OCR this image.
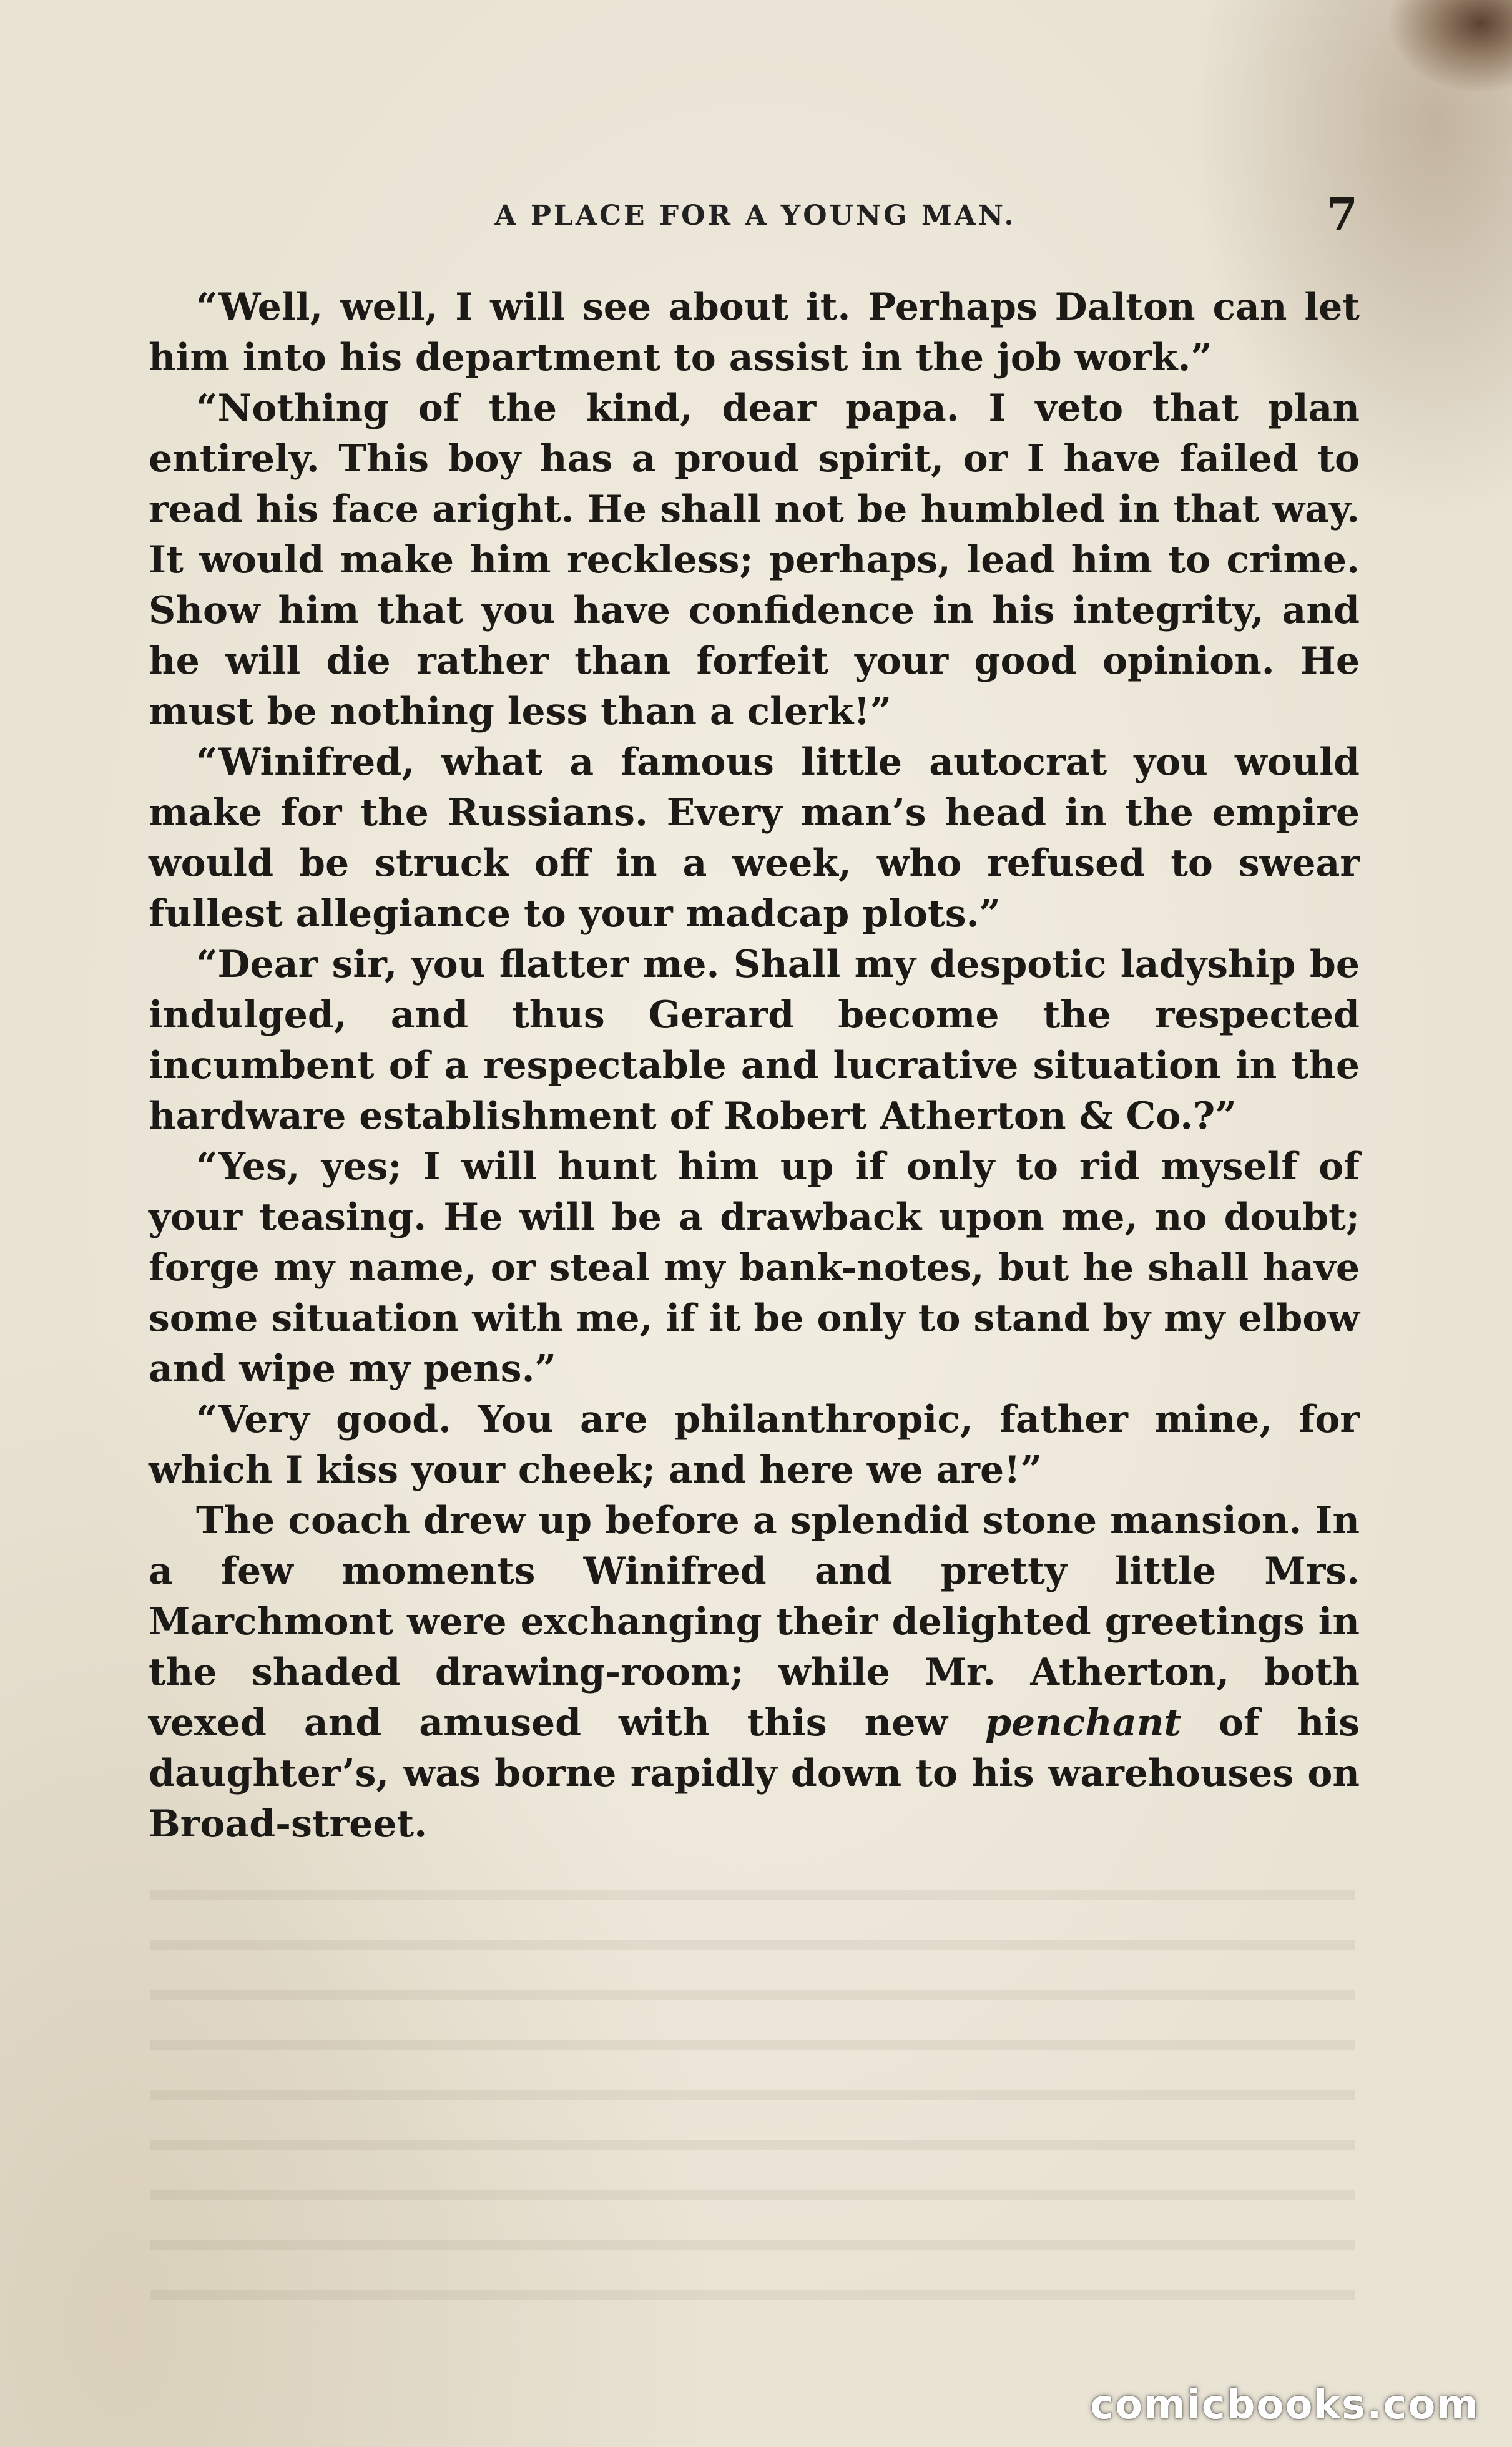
A PLACE FOR A YOUNG MAN.	7

“Well, well, I will see about it. Perhaps Dalton can let him into his department to assist in the job work.”

“Nothing of the kind, dear papa. I veto that plan entirely. This boy has a proud spirit, or I have failed to read his face aright. He shall not be humbled in that way. It would make him reckless; perhaps, lead him to crime. Show him that you have confidence in his integrity, and he will die rather than forfeit your good opinion. He must be nothing less than a clerk!”

“Winifred, what a famous little autocrat you would make for the Russians. Every man’s head in the empire would be struck off in a week, who refused to swear fullest allegiance to your madcap plots.”

“Dear sir, you flatter me. Shall my despotic ladyship be indulged, and thus Gerard become the respected incumbent of a respectable and lucrative situation in the hardware establishment of Robert Atherton & Co.?”

“Yes, yes; I will hunt him up if only to rid myself of your teasing. He will be a drawback upon me, no doubt; forge my name, or steal my bank-notes, but he shall have some situation with me, if it be only to stand by my elbow and wipe my pens.”

“Very good. You are philanthropic, father mine, for which I kiss your cheek; and here we are!”

The coach drew up before a splendid stone mansion. In a few moments Winifred and pretty little Mrs. Marchmont were exchanging their delighted greetings in the shaded drawing-room; while Mr. Atherton, both vexed and amused with this new penchant of his daughter’s, was borne rapidly down to his warehouses on Broad-street.

comicbooks.com
